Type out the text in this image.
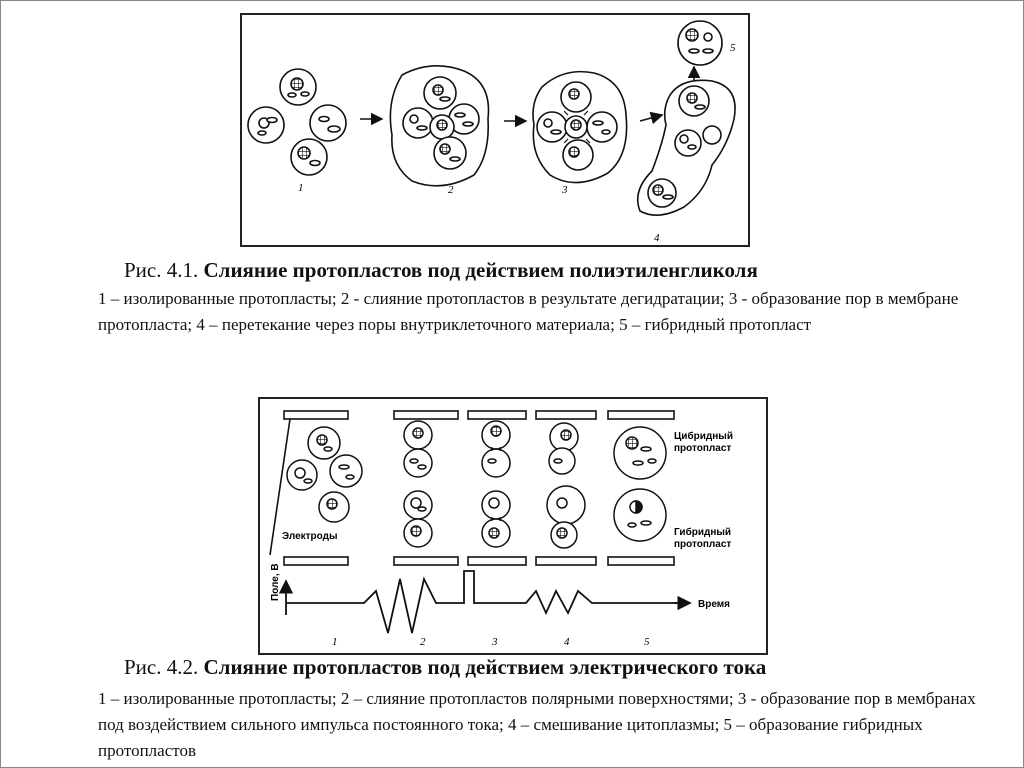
1	2	3
4
5
Рис. 4.1. Слияние протопластов под действием полиэтиленгликоля
1 – изолированные протопласты; 2 - слияние протопластов в результате дегидратации; 3 - образование пор в мембране протопласта; 4 – перетекание через поры внутриклеточного материала; 5 – гибридный протопласт
Электроды
Цибридный
протопласт
Гибридный
протопласт
Поле, В
Время
1	2	3	4	5
Рис. 4.2. Слияние протопластов под действием электрического тока
1 – изолированные протопласты; 2 – слияние протопластов полярными поверхностями; 3 - образование пор в мембранах под воздействием сильного импульса постоянного тока; 4 – смешивание цитоплазмы; 5 – образование гибридных протопластов
